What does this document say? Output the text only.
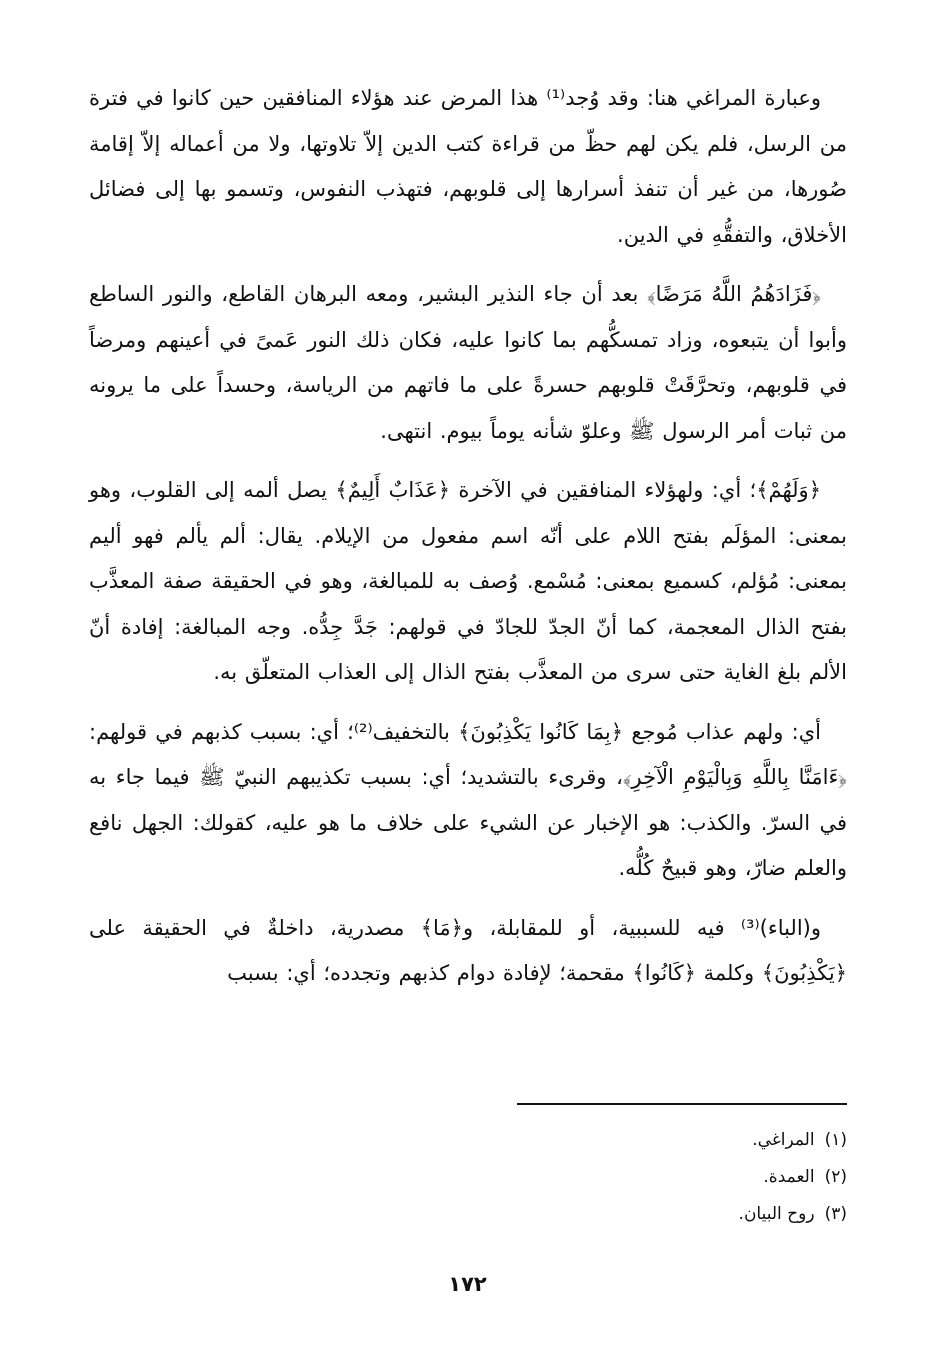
وعبارة المراغي هنا: وقد وُجد⁽¹⁾ هذا المرض عند هؤلاء المنافقين حين كانوا في فترة من الرسل، فلم يكن لهم حظّ من قراءة كتب الدين إلاّ تلاوتها، ولا من أعماله إلاّ إقامة صُورها، من غير أن تنفذ أسرارها إلى قلوبهم، فتهذب النفوس، وتسمو بها إلى فضائل الأخلاق، والتفقُّهِ في الدين.

﴿فَزَادَهُمُ اللَّهُ مَرَضًا﴾ بعد أن جاء النذير البشير، ومعه البرهان القاطع، والنور الساطع وأبوا أن يتبعوه، وزاد تمسكُّهم بما كانوا عليه، فكان ذلك النور عَمىً في أعينهم ومرضاً في قلوبهم، وتحرَّقَتْ قلوبهم حسرةً على ما فاتهم من الرياسة، وحسداً على ما يرونه من ثبات أمر الرسول ﷺ وعلوّ شأنه يوماً بيوم. انتهى.

﴿وَلَهُمْ﴾؛ أي: ولهؤلاء المنافقين في الآخرة ﴿عَذَابٌ أَلِيمٌ﴾ يصل ألمه إلى القلوب، وهو بمعنى: المؤلَم بفتح اللام على أنّه اسم مفعول من الإيلام. يقال: ألم يألم فهو أليم بمعنى: مُؤلم، كسميع بمعنى: مُسْمع. وُصف به للمبالغة، وهو في الحقيقة صفة المعذَّب بفتح الذال المعجمة، كما أنّ الجدّ للجادّ في قولهم: جَدَّ جِدُّه. وجه المبالغة: إفادة أنّ الألم بلغ الغاية حتى سرى من المعذَّب بفتح الذال إلى العذاب المتعلّق به.

أي: ولهم عذاب مُوجع ﴿بِمَا كَانُوا يَكْذِبُونَ﴾ بالتخفيف⁽²⁾؛ أي: بسبب كذبهم في قولهم: ﴿ءَامَنَّا بِاللَّهِ وَبِالْيَوْمِ الْآخِرِ﴾، وقرىء بالتشديد؛ أي: بسبب تكذيبهم النبيّ ﷺ فيما جاء به في السرّ. والكذب: هو الإخبار عن الشيء على خلاف ما هو عليه، كقولك: الجهل نافع والعلم ضارّ، وهو قبيحٌ كُلُّه.

و(الباء)⁽³⁾ فيه للسببية، أو للمقابلة، و﴿مَا﴾ مصدرية، داخلةٌ في الحقيقة على ﴿يَكْذِبُونَ﴾ وكلمة ﴿كَانُوا﴾ مقحمة؛ لإفادة دوام كذبهم وتجدده؛ أي: بسبب

(١)المراغي.

(٢)العمدة.

(٣)روح البيان.

١٧٢
